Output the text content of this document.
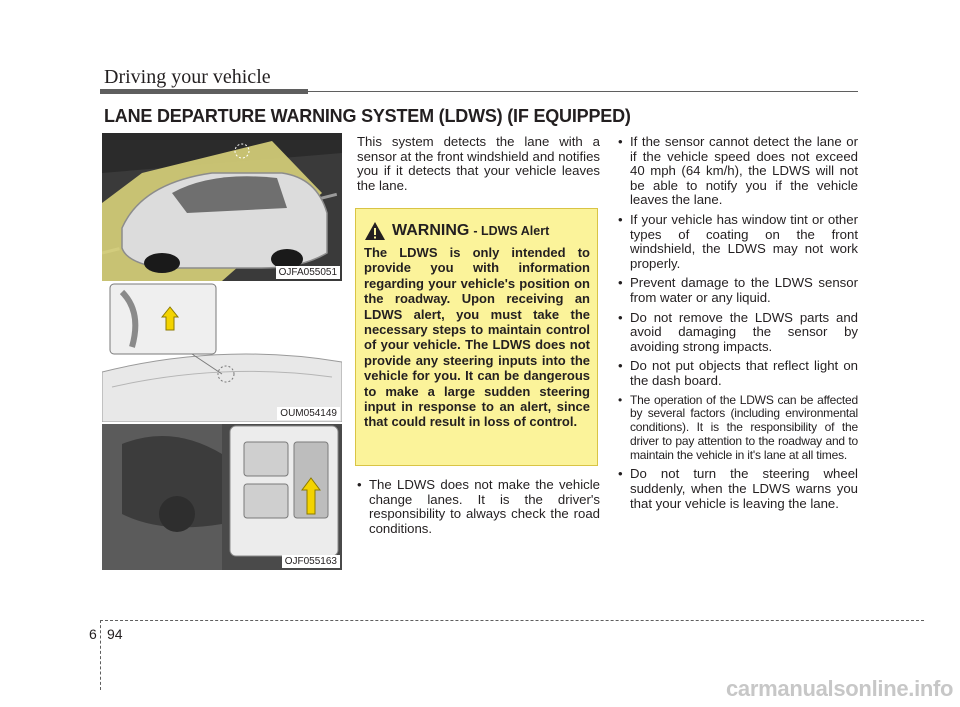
Driving your vehicle
LANE DEPARTURE WARNING SYSTEM (LDWS) (IF EQUIPPED)
OJFA055051
OUM054149
OJF055163
This system detects the lane with a sensor at the front windshield and notifies you if it detects that your vehicle leaves the lane.
WARNING - LDWS Alert
The LDWS is only intended to provide you with information regarding your vehicle's position on the roadway. Upon receiving an LDWS alert, you must take the necessary steps to maintain control of your vehicle. The LDWS does not provide any steering inputs into the vehicle for you. It can be dangerous to make a large sudden steering input in response to an alert, since that could result in loss of control.
• The LDWS does not make the vehicle change lanes. It is the driver's responsibility to always check the road conditions.
• If the sensor cannot detect the lane or if the vehicle speed does not exceed 40 mph (64 km/h), the LDWS will not be able to notify you if the vehicle leaves the lane.
• If your vehicle has window tint or other types of coating on the front windshield, the LDWS may not work properly.
• Prevent damage to the LDWS sensor from water or any liquid.
• Do not remove the LDWS parts and avoid damaging the sensor by avoiding strong impacts.
• Do not put objects that reflect light on the dash board.
• The operation of the LDWS can be affected by several factors (including environmental conditions). It is the responsibility of the driver to pay attention to the roadway and to maintain the vehicle in it's lane at all times.
• Do not turn the steering wheel suddenly, when the LDWS warns you that your vehicle is leaving the lane.
6 94
carmanualsonline.info
